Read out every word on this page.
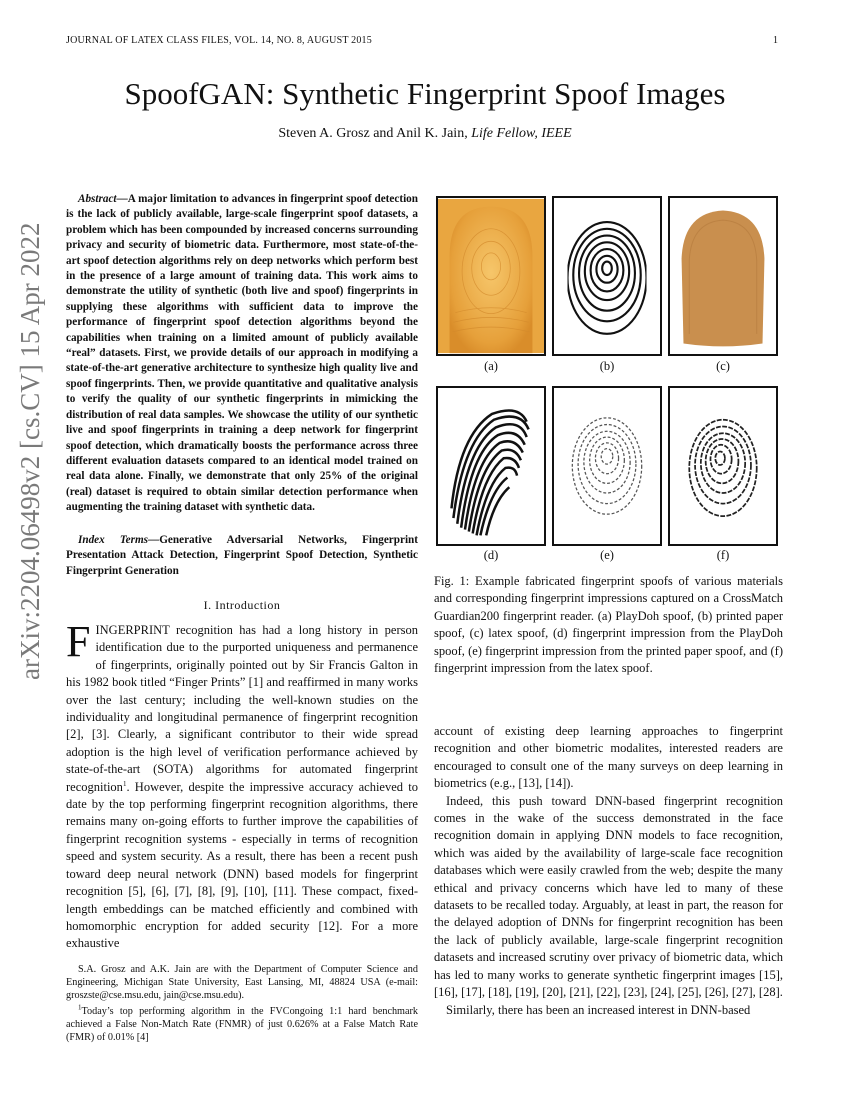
JOURNAL OF LATEX CLASS FILES, VOL. 14, NO. 8, AUGUST 2015	1
arXiv:2204.06498v2 [cs.CV] 15 Apr 2022
SpoofGAN: Synthetic Fingerprint Spoof Images
Steven A. Grosz and Anil K. Jain, Life Fellow, IEEE

Abstract—A major limitation to advances in fingerprint spoof detection is the lack of publicly available, large-scale fingerprint spoof datasets, a problem which has been compounded by increased concerns surrounding privacy and security of biometric data. Furthermore, most state-of-the-art spoof detection algorithms rely on deep networks which perform best in the presence of a large amount of training data. This work aims to demonstrate the utility of synthetic (both live and spoof) fingerprints in supplying these algorithms with sufficient data to improve the performance of fingerprint spoof detection algorithms beyond the capabilities when training on a limited amount of publicly available “real” datasets. First, we provide details of our approach in modifying a state-of-the-art generative architecture to synthesize high quality live and spoof fingerprints. Then, we provide quantitative and qualitative analysis to verify the quality of our synthetic fingerprints in mimicking the distribution of real data samples. We showcase the utility of our synthetic live and spoof fingerprints in training a deep network for fingerprint spoof detection, which dramatically boosts the performance across three different evaluation datasets compared to an identical model trained on real data alone. Finally, we demonstrate that only 25% of the original (real) dataset is required to obtain similar detection performance when augmenting the training dataset with synthetic data.

Index Terms—Generative Adversarial Networks, Fingerprint Presentation Attack Detection, Fingerprint Spoof Detection, Synthetic Fingerprint Generation

I. Introduction
FINGERPRINT recognition has had a long history in person identification due to the purported uniqueness and permanence of fingerprints, originally pointed out by Sir Francis Galton in his 1982 book titled “Finger Prints” [1] and reaffirmed in many works over the last century; including the well-known studies on the individuality and longitudinal permanence of fingerprint recognition [2], [3]. Clearly, a significant contributor to their wide spread adoption is the high level of verification performance achieved by state-of-the-art (SOTA) algorithms for automated fingerprint recognition$^1$. However, despite the impressive accuracy achieved to date by the top performing fingerprint recognition algorithms, there remains many on-going efforts to further improve the capabilities of fingerprint recognition systems - especially in terms of recognition speed and system security. As a result, there has been a recent push toward deep neural network (DNN) based models for fingerprint recognition [5], [6], [7], [8], [9], [10], [11]. These compact, fixed-length embeddings can be matched efficiently and combined with homomorphic encryption for added security [12]. For a more exhaustive

S.A. Grosz and A.K. Jain are with the Department of Computer Science and Engineering, Michigan State University, East Lansing, MI, 48824 USA (e-mail: groszste@cse.msu.edu, jain@cse.msu.edu).

$^1$Today’s top performing algorithm in the FVCongoing 1:1 hard benchmark achieved a False Non-Match Rate (FNMR) of just 0.626% at a False Match Rate (FMR) of 0.01% [4]

(a)	(b)	(c)
(d)	(e)	(f)
Fig. 1: Example fabricated fingerprint spoofs of various materials and corresponding fingerprint impressions captured on a CrossMatch Guardian200 fingerprint reader. (a) PlayDoh spoof, (b) printed paper spoof, (c) latex spoof, (d) fingerprint impression from the PlayDoh spoof, (e) fingerprint impression from the printed paper spoof, and (f) fingerprint impression from the latex spoof.

account of existing deep learning approaches to fingerprint recognition and other biometric modalites, interested readers are encouraged to consult one of the many surveys on deep learning in biometrics (e.g., [13], [14]).

Indeed, this push toward DNN-based fingerprint recognition comes in the wake of the success demonstrated in the face recognition domain in applying DNN models to face recognition, which was aided by the availability of large-scale face recognition databases which were easily crawled from the web; despite the many ethical and privacy concerns which have led to many of these datasets to be recalled today. Arguably, at least in part, the reason for the delayed adoption of DNNs for fingerprint recognition has been the lack of publicly available, large-scale fingerprint recognition datasets and increased scrutiny over privacy of biometric data, which has led to many works to generate synthetic fingerprint images [15], [16], [17], [18], [19], [20], [21], [22], [23], [24], [25], [26], [27], [28].

Similarly, there has been an increased interest in DNN-based
